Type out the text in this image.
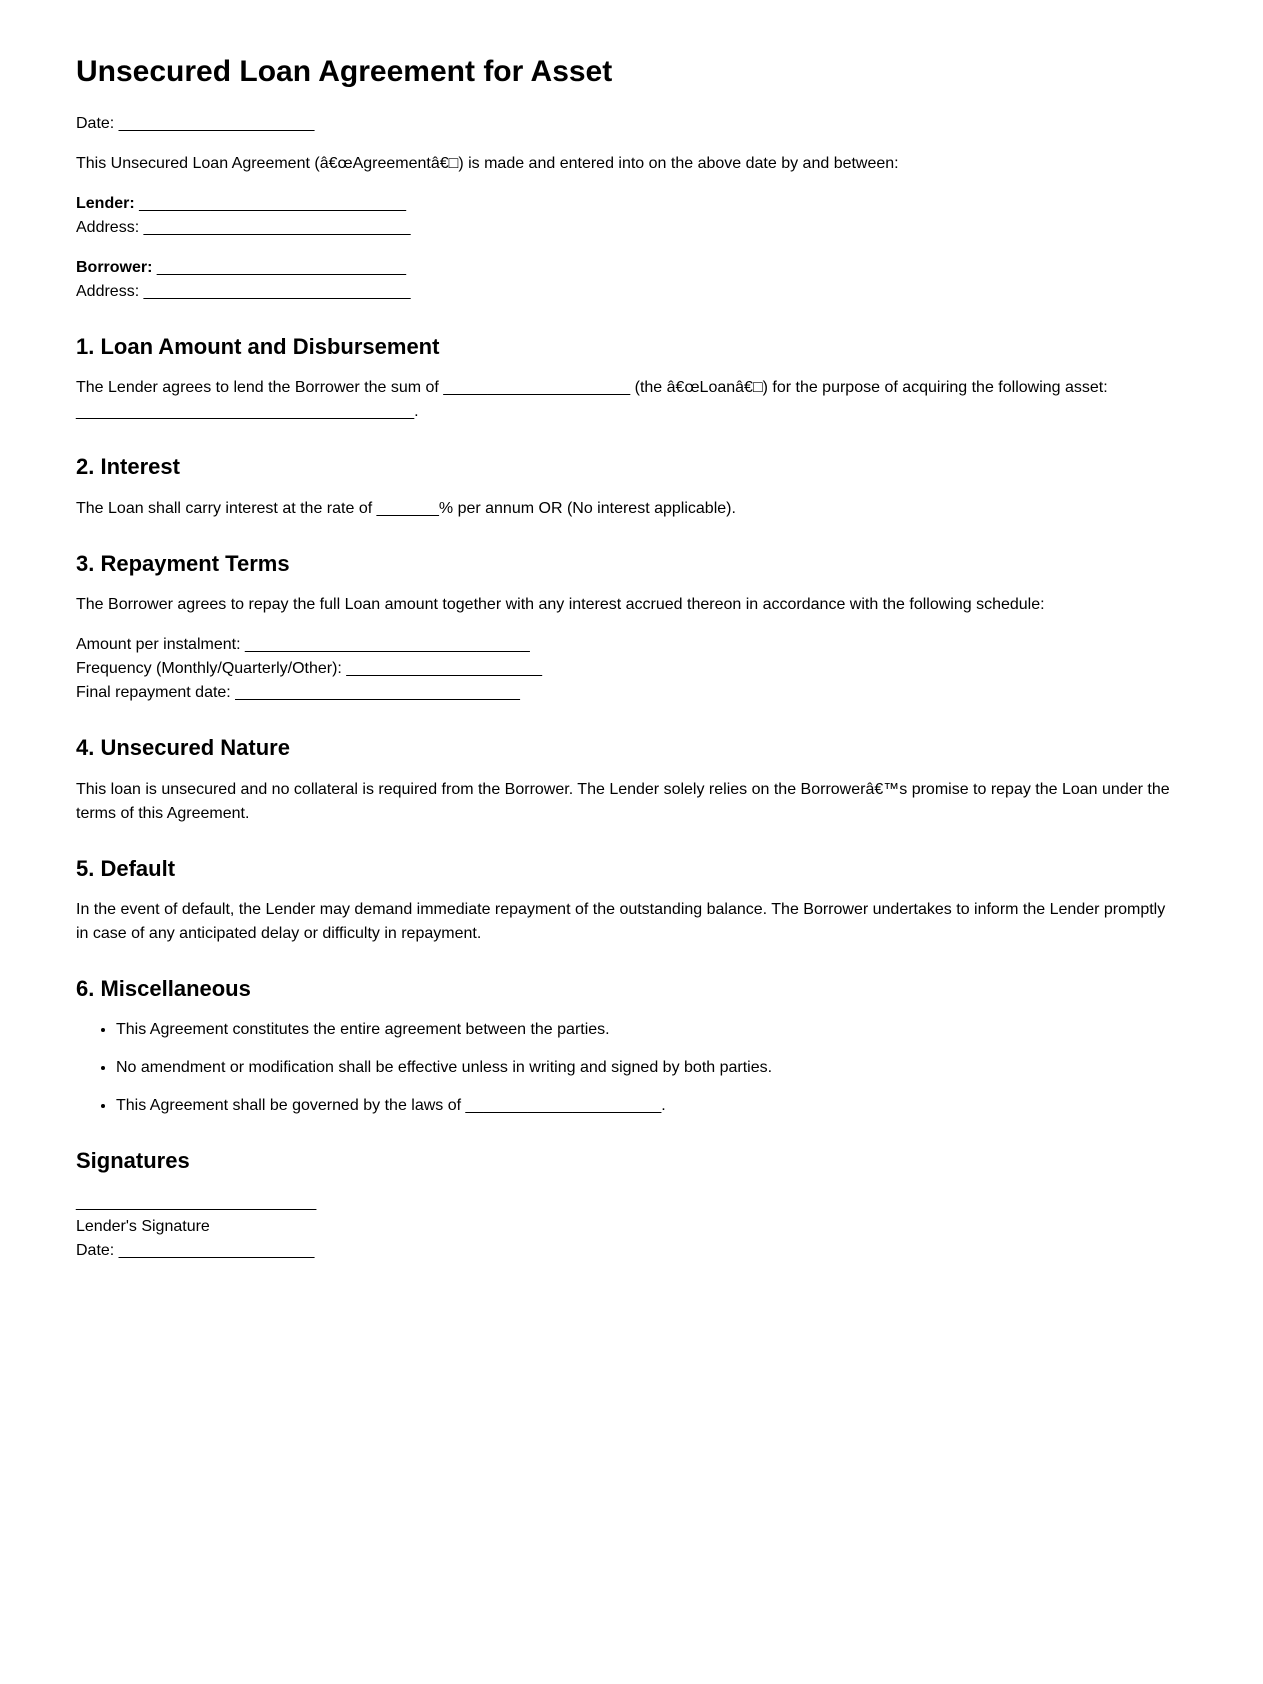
Unsecured Loan Agreement for Asset

Date: ______________________

This Unsecured Loan Agreement (â€œAgreementâ€□) is made and entered into on the above date by and between:

Lender: ______________________________
Address: ______________________________

Borrower: ____________________________
Address: ______________________________

1. Loan Amount and Disbursement

The Lender agrees to lend the Borrower the sum of _____________________ (the â€œLoanâ€□) for the purpose of acquiring the following asset: ______________________________________.

2. Interest

The Loan shall carry interest at the rate of _______% per annum OR (No interest applicable).

3. Repayment Terms

The Borrower agrees to repay the full Loan amount together with any interest accrued thereon in accordance with the following schedule:

Amount per instalment: ________________________________
Frequency (Monthly/Quarterly/Other): ______________________
Final repayment date: ________________________________

4. Unsecured Nature

This loan is unsecured and no collateral is required from the Borrower. The Lender solely relies on the Borrowerâ€™s promise to repay the Loan under the terms of this Agreement.

5. Default

In the event of default, the Lender may demand immediate repayment of the outstanding balance. The Borrower undertakes to inform the Lender promptly in case of any anticipated delay or difficulty in repayment.

6. Miscellaneous
• This Agreement constitutes the entire agreement between the parties.
• No amendment or modification shall be effective unless in writing and signed by both parties.
• This Agreement shall be governed by the laws of ______________________.
Signatures

___________________________
Lender's Signature
Date: ______________________
